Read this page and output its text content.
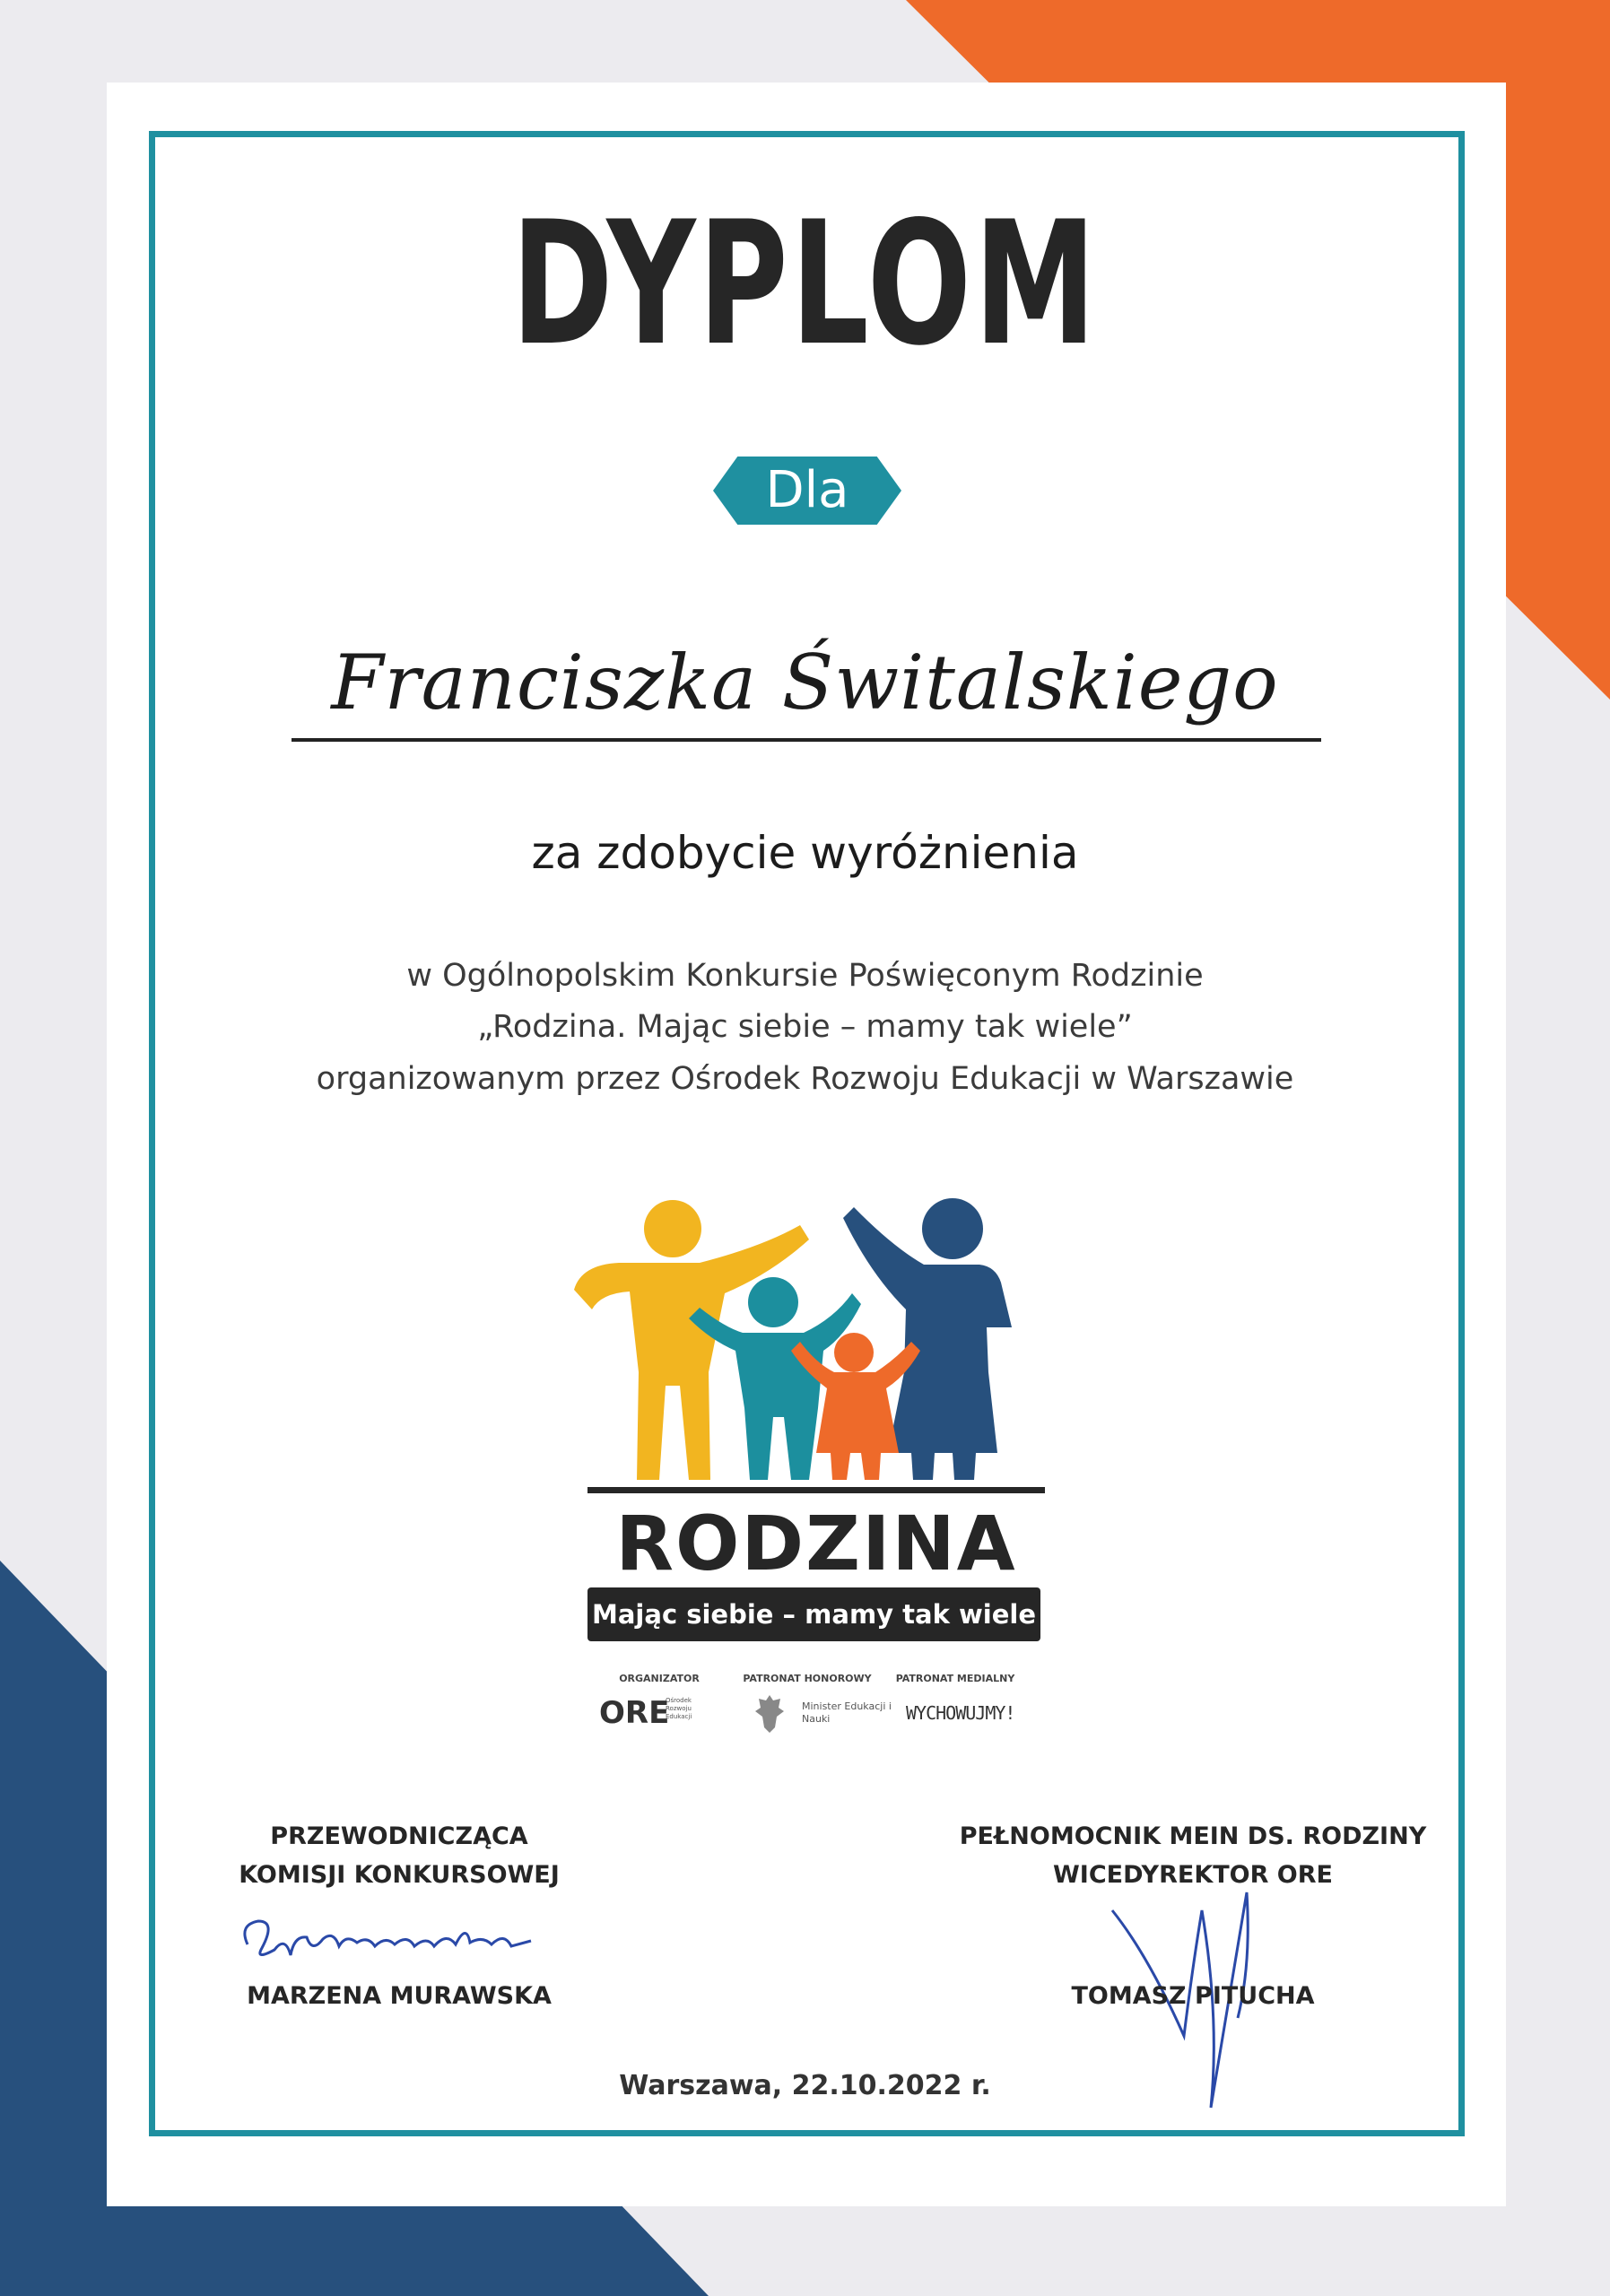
DYPLOM
Dla
Franciszka Świtalskiego
za zdobycie wyróżnienia
w Ogólnopolskim Konkursie Poświęconym Rodzinie
„Rodzina. Mając siebie – mamy tak wiele”
organizowanym przez Ośrodek Rozwoju Edukacji w Warszawie
RODZINA
Mając siebie – mamy tak wiele
ORGANIZATOR	PATRONAT HONOROWY	PATRONAT MEDIALNY
ORE
Ośrodek Rozwoju Edukacji
Minister Edukacji i Nauki	WYCHOWUJMY!
PRZEWODNICZĄCA
KOMISJI KONKURSOWEJ
MARZENA MURAWSKA
PEŁNOMOCNIK MEIN DS. RODZINY
WICEDYREKTOR ORE
TOMASZ PITUCHA
Warszawa, 22.10.2022 r.
